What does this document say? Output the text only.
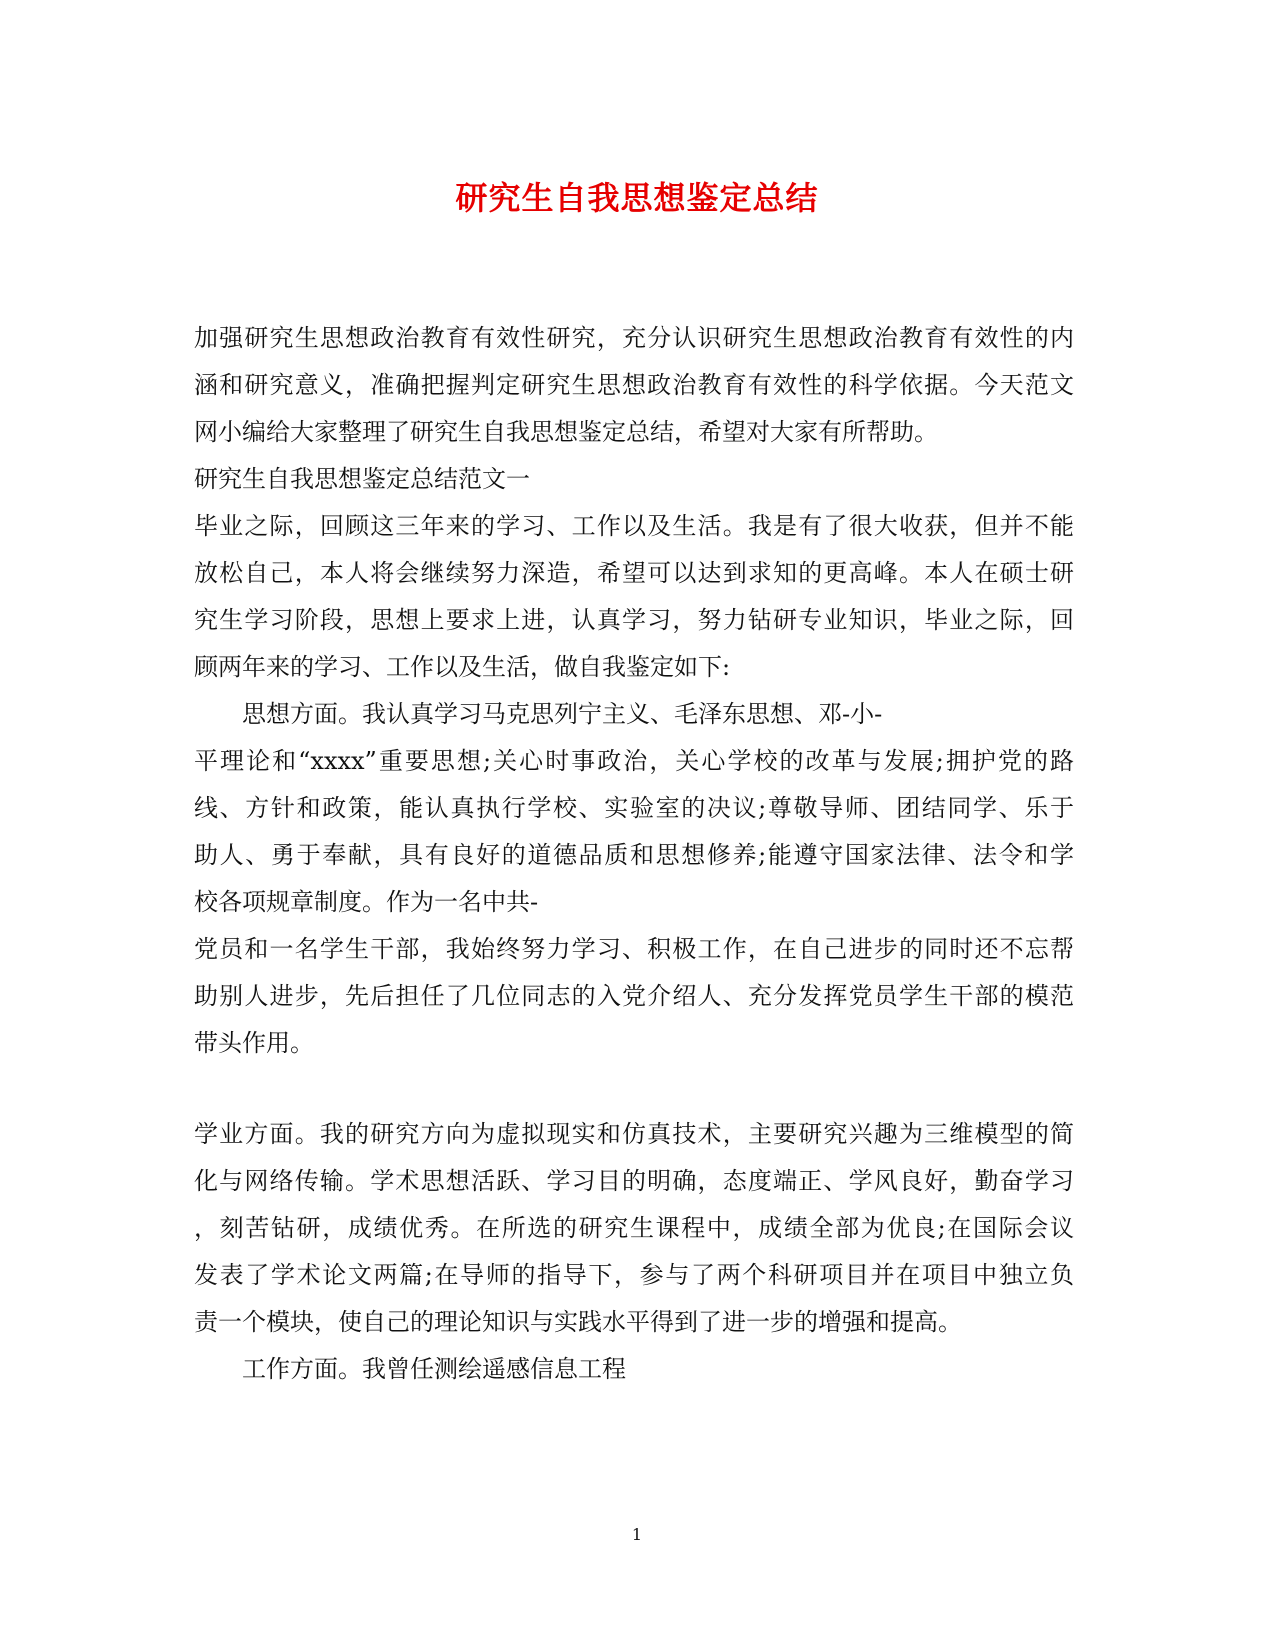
研究生自我思想鉴定总结
加强研究生思想政治教育有效性研究，充分认识研究生思想政治教育有效性的内
涵和研究意义，准确把握判定研究生思想政治教育有效性的科学依据。今天范文
网小编给大家整理了研究生自我思想鉴定总结，希望对大家有所帮助。
研究生自我思想鉴定总结范文一
毕业之际，回顾这三年来的学习、工作以及生活。我是有了很大收获，但并不能
放松自己，本人将会继续努力深造，希望可以达到求知的更高峰。本人在硕士研
究生学习阶段，思想上要求上进，认真学习，努力钻研专业知识，毕业之际，回
顾两年来的学习、工作以及生活，做自我鉴定如下:
思想方面。我认真学习马克思列宁主义、毛泽东思想、邓-小-
平理论和“xxxx”重要思想;关心时事政治，关心学校的改革与发展;拥护党的路
线、方针和政策，能认真执行学校、实验室的决议;尊敬导师、团结同学、乐于
助人、勇于奉献，具有良好的道德品质和思想修养;能遵守国家法律、法令和学
校各项规章制度。作为一名中共-
党员和一名学生干部，我始终努力学习、积极工作，在自己进步的同时还不忘帮
助别人进步，先后担任了几位同志的入党介绍人、充分发挥党员学生干部的模范
带头作用。
学业方面。我的研究方向为虚拟现实和仿真技术，主要研究兴趣为三维模型的简
化与网络传输。学术思想活跃、学习目的明确，态度端正、学风良好，勤奋学习
，刻苦钻研，成绩优秀。在所选的研究生课程中，成绩全部为优良;在国际会议
发表了学术论文两篇;在导师的指导下，参与了两个科研项目并在项目中独立负
责一个模块，使自己的理论知识与实践水平得到了进一步的增强和提高。
工作方面。我曾任测绘遥感信息工程
1
